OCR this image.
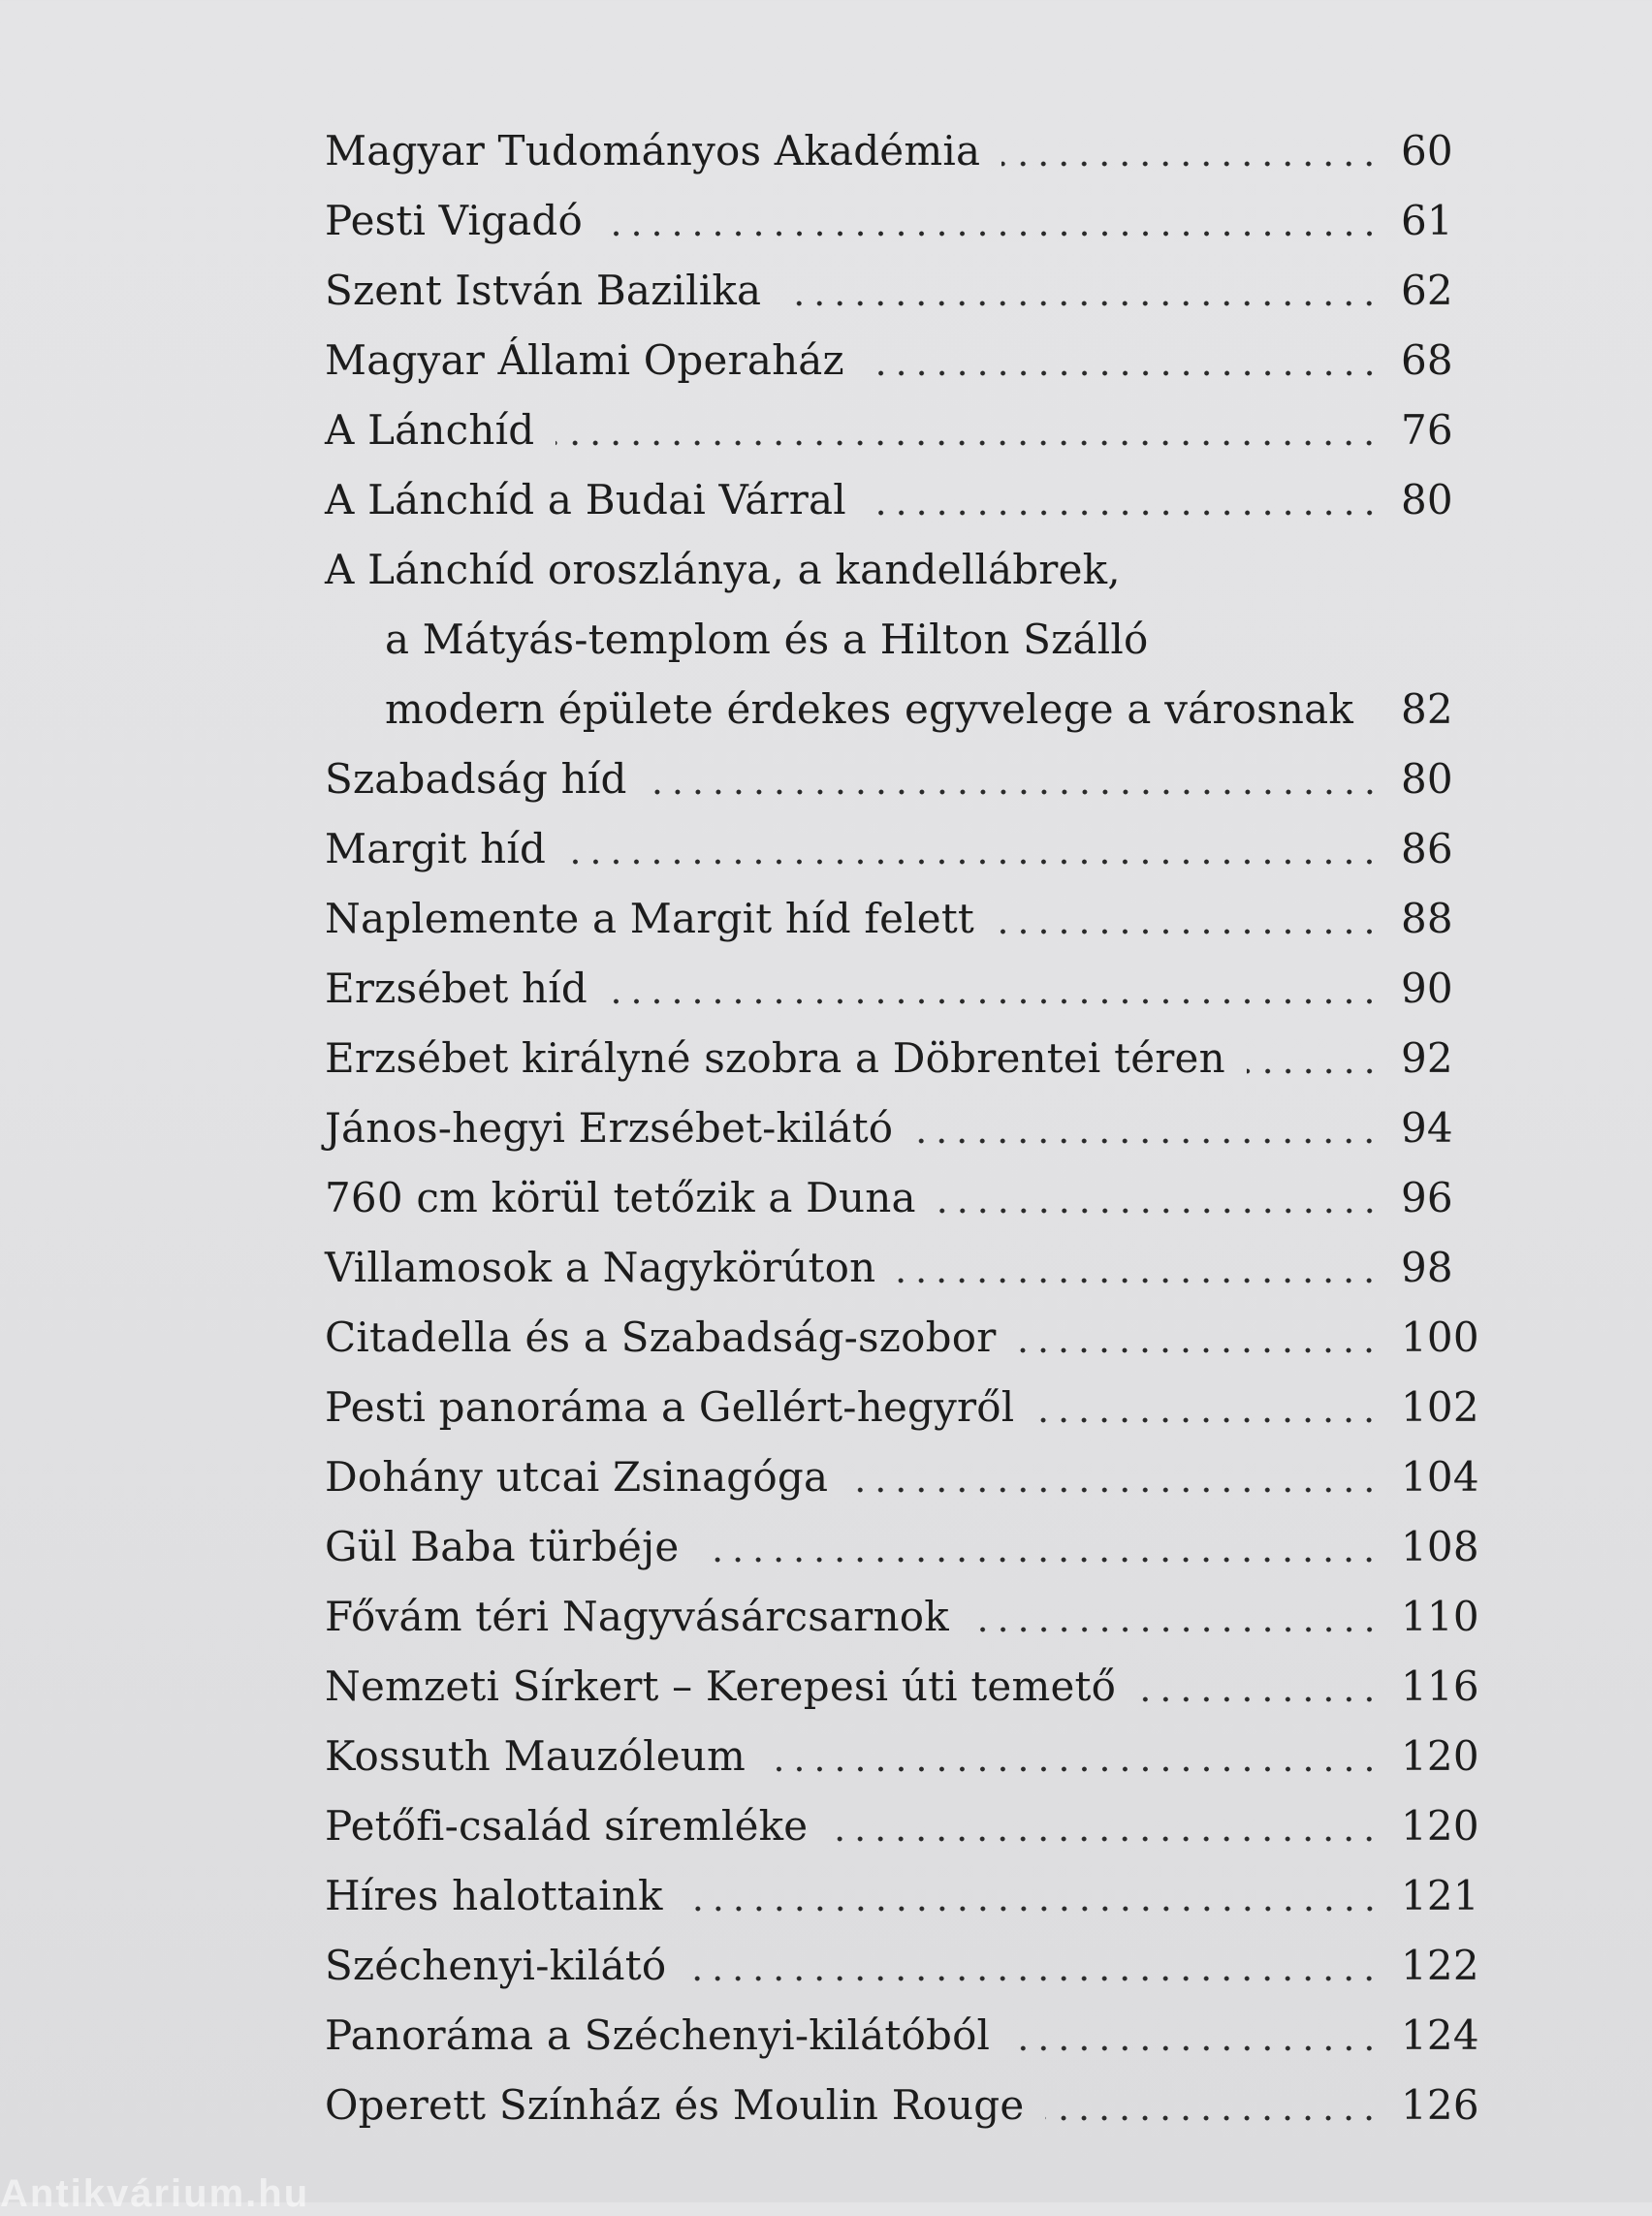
Magyar Tudományos Akadémia	60
Pesti Vigadó	61
Szent István Bazilika	62
Magyar Állami Operaház	68
A Lánchíd	76
A Lánchíd a Budai Várral	80
A Lánchíd oroszlánya, a kandellábrek,
a Mátyás-templom és a Hilton Szálló
modern épülete érdekes egyvelege a városnak 82
Szabadság híd	80
Margit híd	86
Naplemente a Margit híd felett	88
Erzsébet híd	90
Erzsébet királyné szobra a Döbrentei téren	92
János-hegyi Erzsébet-kilátó	94
760 cm körül tetőzik a Duna	96
Villamosok a Nagykörúton	98
Citadella és a Szabadság-szobor	100
Pesti panoráma a Gellért-hegyről	102
Dohány utcai Zsinagóga	104
Gül Baba türbéje	108
Fővám téri Nagyvásárcsarnok	110
Nemzeti Sírkert – Kerepesi úti temető	116
Kossuth Mauzóleum	120
Petőfi-család síremléke	120
Híres halottaink	121
Széchenyi-kilátó	122
Panoráma a Széchenyi-kilátóból	124
Operett Színház és Moulin Rouge	126
Antikvárium.hu
